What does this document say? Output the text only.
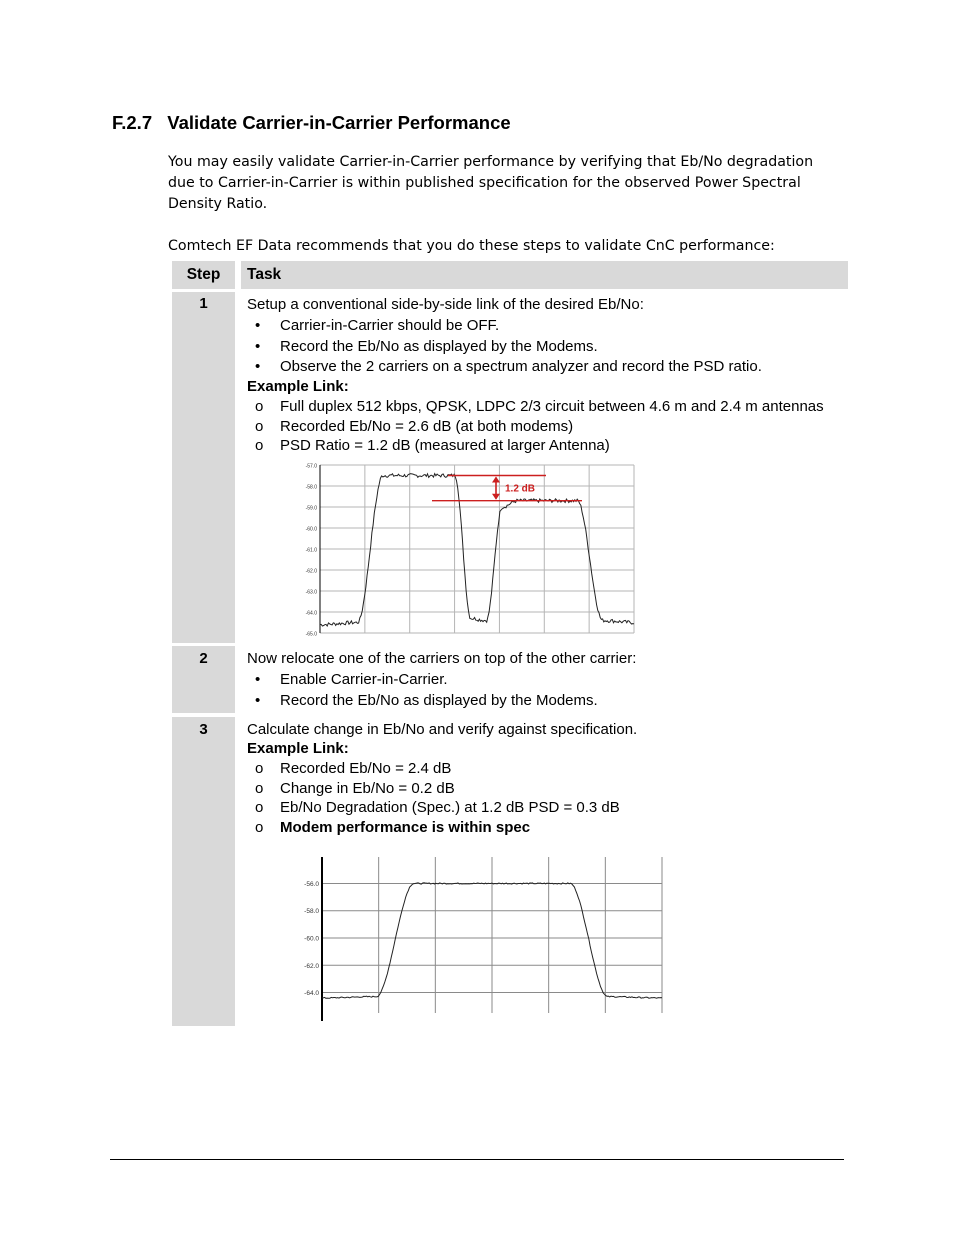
F.2.7 Validate Carrier-in-Carrier Performance
You may easily validate Carrier-in-Carrier performance by verifying that Eb/No degradation due to Carrier-in-Carrier is within published specification for the observed Power Spectral Density Ratio.
Comtech EF Data recommends that you do these steps to validate CnC performance:
Step	Task
1	Setup a conventional side-by-side link of the desired Eb/No:
• Carrier-in-Carrier should be OFF.
• Record the Eb/No as displayed by the Modems.
• Observe the 2 carriers on a spectrum analyzer and record the PSD ratio.
Example Link:
o Full duplex 512 kbps, QPSK, LDPC 2/3 circuit between 4.6 m and 2.4 m antennas
o Recorded Eb/No = 2.6 dB (at both modems)
o PSD Ratio = 1.2 dB (measured at larger Antenna)
2	Now relocate one of the carriers on top of the other carrier:
• Enable Carrier-in-Carrier.
• Record the Eb/No as displayed by the Modems.
3	Calculate change in Eb/No and verify against specification.
Example Link:
o Recorded Eb/No = 2.4 dB
o Change in Eb/No = 0.2 dB
o Eb/No Degradation (Spec.) at 1.2 dB PSD = 0.3 dB
o Modem performance is within spec
-57.0
-58.0
-59.0
-60.0
-61.0
-62.0
-63.0
-64.0
-65.0
1.2 dB
-56.0
-58.0
-60.0
-62.0
-64.0
